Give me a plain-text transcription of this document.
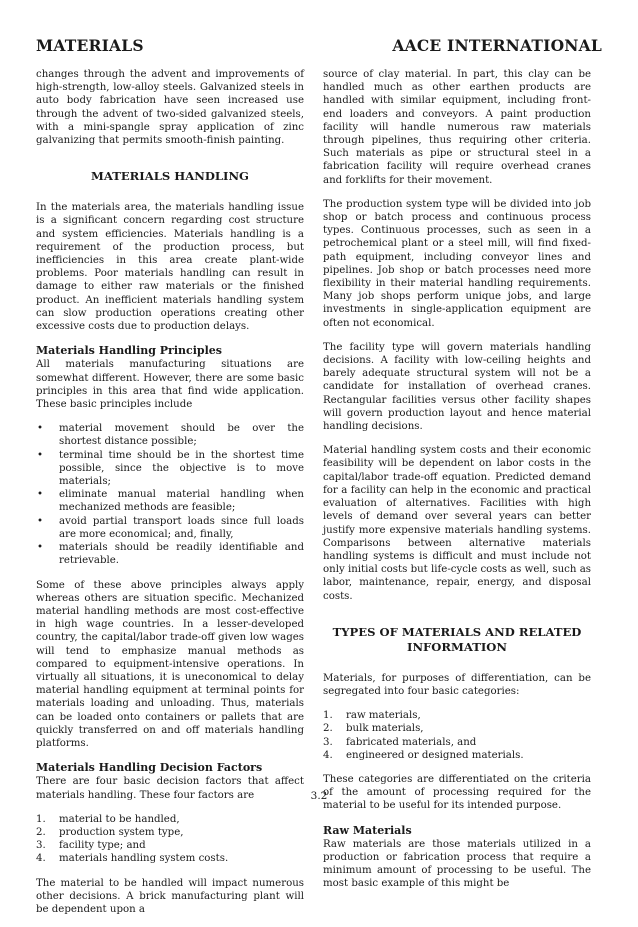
MATERIALS	AACE INTERNATIONAL

changes through the advent and improvements of high-strength, low-alloy steels. Galvanized steels in auto body fabrication have seen increased use through the advent of two-sided galvanized steels, with a mini-spangle spray application of zinc galvanizing that permits smooth-finish painting.

MATERIALS HANDLING

In the materials area, the materials handling issue is a significant concern regarding cost structure and system efficiencies. Materials handling is a requirement of the production process, but inefficiencies in this area create plant-wide problems. Poor materials handling can result in damage to either raw materials or the finished product. An inefficient materials handling system can slow production operations creating other excessive costs due to production delays.

Materials Handling Principles

All materials manufacturing situations are somewhat different. However, there are some basic principles in this area that find wide application. These basic principles include

• material movement should be over the shortest distance possible;
• terminal time should be in the shortest time possible, since the objective is to move materials;
• eliminate manual material handling when mechanized methods are feasible;
• avoid partial transport loads since full loads are more economical; and, finally,
• materials should be readily identifiable and retrievable.

Some of these above principles always apply whereas others are situation specific. Mechanized material handling methods are most cost-effective in high wage countries. In a lesser-developed country, the capital/labor trade-off given low wages will tend to emphasize manual methods as compared to equipment-intensive operations. In virtually all situations, it is uneconomical to delay material handling equipment at terminal points for materials loading and unloading. Thus, materials can be loaded onto containers or pallets that are quickly transferred on and off materials handling platforms.

Materials Handling Decision Factors

There are four basic decision factors that affect materials handling. These four factors are

1. material to be handled,
2. production system type,
3. facility type; and
4. materials handling system costs.

The material to be handled will impact numerous other decisions. A brick manufacturing plant will be dependent upon a

source of clay material. In part, this clay can be handled much as other earthen products are handled with similar equipment, including front-end loaders and conveyors. A paint production facility will handle numerous raw materials through pipelines, thus requiring other criteria. Such materials as pipe or structural steel in a fabrication facility will require overhead cranes and forklifts for their movement.

The production system type will be divided into job shop or batch process and continuous process types. Continuous processes, such as seen in a petrochemical plant or a steel mill, will find fixed-path equipment, including conveyor lines and pipelines. Job shop or batch processes need more flexibility in their material handling requirements. Many job shops perform unique jobs, and large investments in single-application equipment are often not economical.

The facility type will govern materials handling decisions. A facility with low-ceiling heights and barely adequate structural system will not be a candidate for installation of overhead cranes. Rectangular facilities versus other facility shapes will govern production layout and hence material handling decisions.

Material handling system costs and their economic feasibility will be dependent on labor costs in the capital/labor trade-off equation. Predicted demand for a facility can help in the economic and practical evaluation of alternatives. Facilities with high levels of demand over several years can better justify more expensive materials handling systems. Comparisons between alternative materials handling systems is difficult and must include not only initial costs but life-cycle costs as well, such as labor, maintenance, repair, energy, and disposal costs.

TYPES OF MATERIALS AND RELATED INFORMATION

Materials, for purposes of differentiation, can be segregated into four basic categories:

1. raw materials,
2. bulk materials,
3. fabricated materials, and
4. engineered or designed materials.

These categories are differentiated on the criteria of the amount of processing required for the material to be useful for its intended purpose.

Raw Materials

Raw materials are those materials utilized in a production or fabrication process that require a minimum amount of processing to be useful. The most basic example of this might be

3.2
